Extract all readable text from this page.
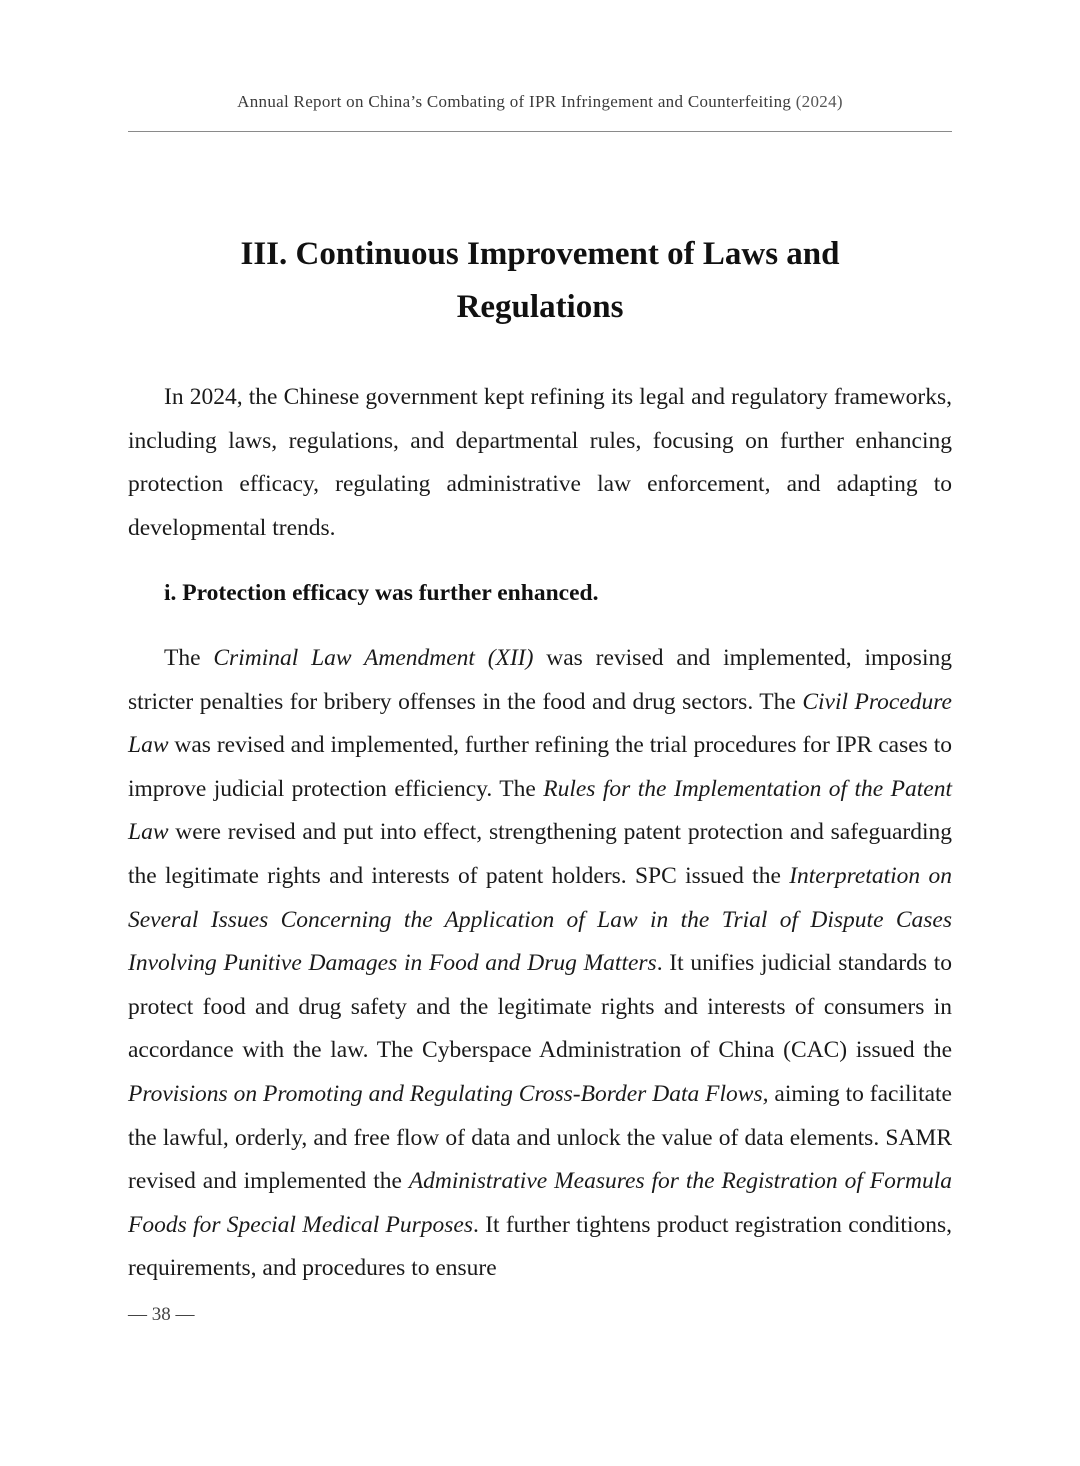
Annual Report on China’s Combating of IPR Infringement and Counterfeiting (2024)
III. Continuous Improvement of Laws and
Regulations

In 2024, the Chinese government kept refining its legal and regulatory frameworks, including laws, regulations, and departmental rules, focusing on further enhancing protection efficacy, regulating administrative law enforcement, and adapting to developmental trends.

i. Protection efficacy was further enhanced.

The Criminal Law Amendment (XII) was revised and implemented, imposing stricter penalties for bribery offenses in the food and drug sectors. The Civil Procedure Law was revised and implemented, further refining the trial procedures for IPR cases to improve judicial protection efficiency. The Rules for the Implementation of the Patent Law were revised and put into effect, strengthening patent protection and safeguarding the legitimate rights and interests of patent holders. SPC issued the Interpretation on Several Issues Concerning the Application of Law in the Trial of Dispute Cases Involving Punitive Damages in Food and Drug Matters. It unifies judicial standards to protect food and drug safety and the legitimate rights and interests of consumers in accordance with the law. The Cyberspace Administration of China (CAC) issued the Provisions on Promoting and Regulating Cross-Border Data Flows, aiming to facilitate the lawful, orderly, and free flow of data and unlock the value of data elements. SAMR revised and implemented the Administrative Measures for the Registration of Formula Foods for Special Medical Purposes. It further tightens product registration conditions, requirements, and procedures to ensure

— 38 —
